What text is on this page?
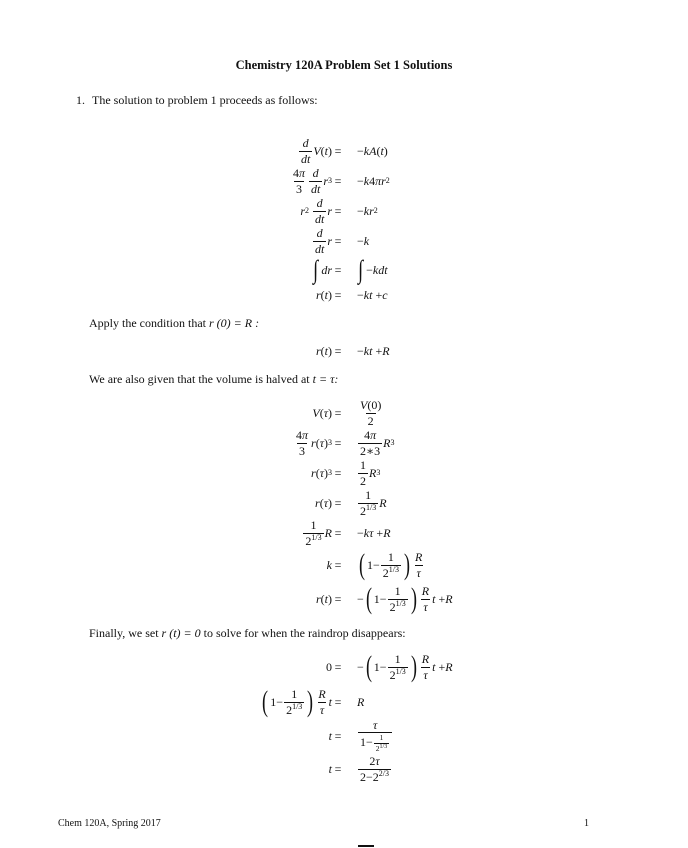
Chemistry 120A Problem Set 1 Solutions
1. The solution to problem 1 proceeds as follows:
$\frac{d}{dt}$ V ( t ) = − kA ( t )
$\frac{4\pi}{3} \frac{d}{dt}$ r 3 = − k 4 πr 2
r 2
$\frac{d}{dt}$ r = − kr 2
$\frac{d}{dt}$ r = − k
∫ dr = ∫ − kdt
r ( t ) = − kt + c
Apply the condition that r (0) = R :
r ( t ) = − kt + R
We are also given that the volume is halved at t = τ:
V ( τ ) = $\frac{V(0)}{2}$
$\frac{4\pi}{3}$ r ( τ ) $3 = \frac{4\pi}{2∗3}$ R 3
r ( τ ) $3 = \frac{1}{2}$ R 3
r ( τ ) = $\frac{1}{2^{1/3}}$ R
$\frac{1}{2^{1/3}}$ R = − kτ + R
k = ( $1- \frac{1}{2^{1/3}}$ ) $\frac{R}{\tau}$
r ( t ) = − ( $1- \frac{1}{2^{1/3}}$ ) $\frac{R}{\tau}$ t + R
Finally, we set r (t) = 0 to solve for when the raindrop disappears:
0 = − ( $1- \frac{1}{2^{1/3}}$ ) $\frac{R}{\tau}$ t + R
( $1- \frac{1}{2^{1/3}}$ ) $\frac{R}{\tau}$ t = R
$t = \frac{\tau}{1- \frac{1}{2^{1/3}}}$
$t = \frac{2\tau}{2-2^{2/3}}$
Chem 120A, Spring 2017	1
